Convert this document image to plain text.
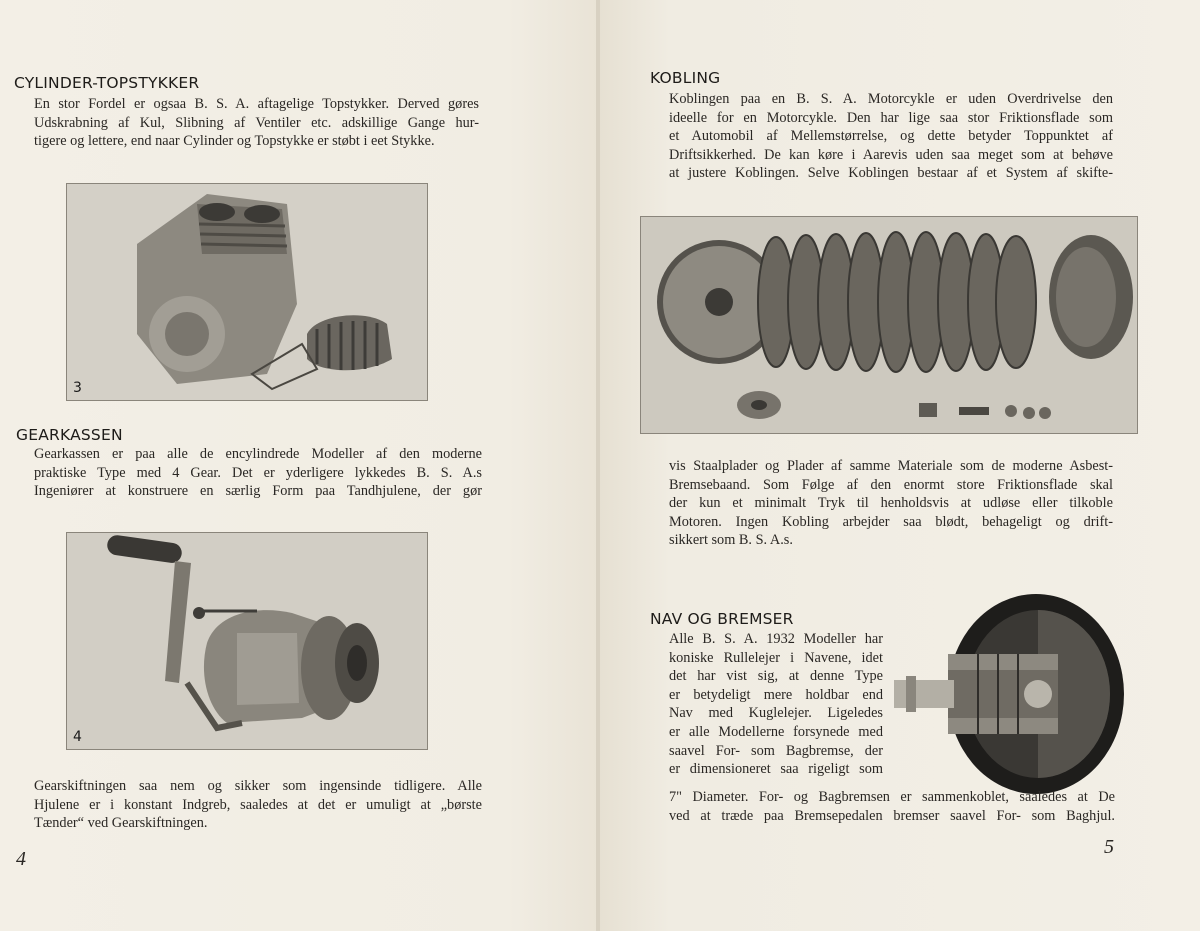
CYLINDER-TOPSTYKKER
En stor Fordel er ogsaa B. S. A. aftagelige Topstykker. Derved gøres
Udskrabning af Kul, Slibning af Ventiler etc. adskillige Gange hur-
tigere og lettere, end naar Cylinder og Topstykke er støbt i eet Stykke.
3
GEARKASSEN
Gearkassen er paa alle de encylindrede Modeller af den moderne
praktiske Type med 4 Gear. Det er yderligere lykkedes B. S. A.s
Ingeniører at konstruere en særlig Form paa Tandhjulene, der gør
4
Gearskiftningen saa nem og sikker som ingensinde tidligere. Alle
Hjulene er i konstant Indgreb, saaledes at det er umuligt at „børste
Tænder“ ved Gearskiftningen.
4
KOBLING
Koblingen paa en B. S. A. Motorcykle er uden Overdrivelse den
ideelle for en Motorcykle. Den har lige saa stor Friktionsflade som
et Automobil af Mellemstørrelse, og dette betyder Toppunktet af
Driftsikkerhed. De kan køre i Aarevis uden saa meget som at behøve
at justere Koblingen. Selve Koblingen bestaar af et System af skifte-
vis Staalplader og Plader af samme Materiale som de moderne Asbest-
Bremsebaand. Som Følge af den enormt store Friktionsflade skal
der kun et minimalt Tryk til henholdsvis at udløse eller tilkoble
Motoren. Ingen Kobling arbejder saa blødt, behageligt og drift-
sikkert som B. S. A.s.
NAV OG BREMSER
Alle B. S. A. 1932 Modeller har
koniske Rullelejer i Navene, idet
det har vist sig, at denne Type
er betydeligt mere holdbar end
Nav med Kuglelejer. Ligeledes
er alle Modellerne forsynede med
saavel For- som Bagbremse, der
er dimensioneret saa rigeligt som
7" Diameter. For- og Bagbremsen er sammenkoblet, saaledes at De
ved at træde paa Bremsepedalen bremser saavel For- som Baghjul.
5
